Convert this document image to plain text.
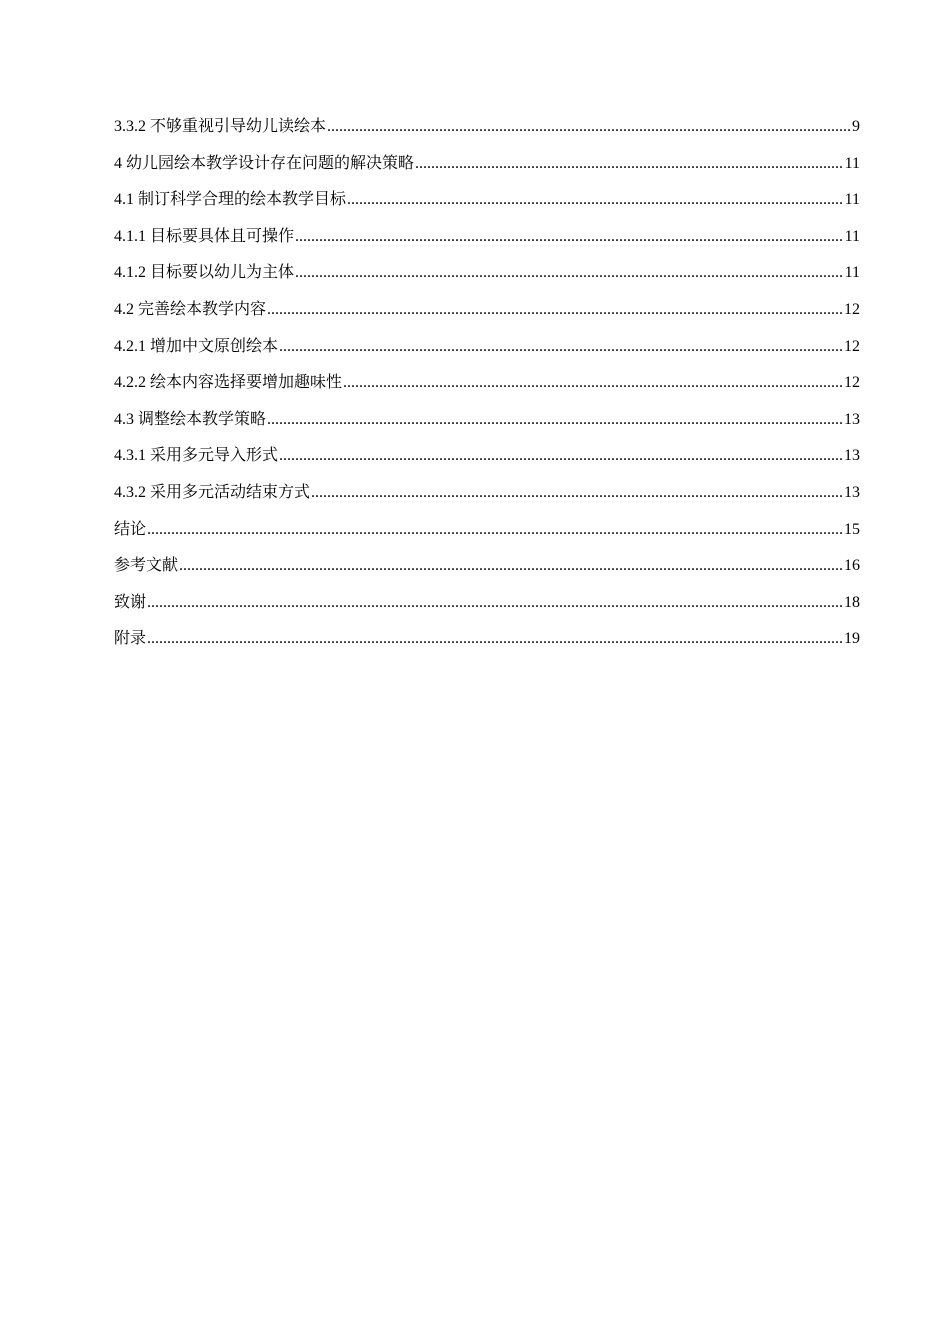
3.3.2 不够重视引导幼儿读绘本 .....	9
4 幼儿园绘本教学设计存在问题的解决策略 .....	11
4.1 制订科学合理的绘本教学目标 .....	11
4.1.1 目标要具体且可操作 .....	11
4.1.2 目标要以幼儿为主体 .....	11
4.2 完善绘本教学内容 .....	12
4.2.1 增加中文原创绘本 .....	12
4.2.2 绘本内容选择要增加趣味性 .....	12
4.3 调整绘本教学策略 .....	13
4.3.1 采用多元导入形式 .....	13
4.3.2 采用多元活动结束方式 .....	13
结论 .....	15
参考文献 .....	16
致谢 .....	18
附录 .....	19
